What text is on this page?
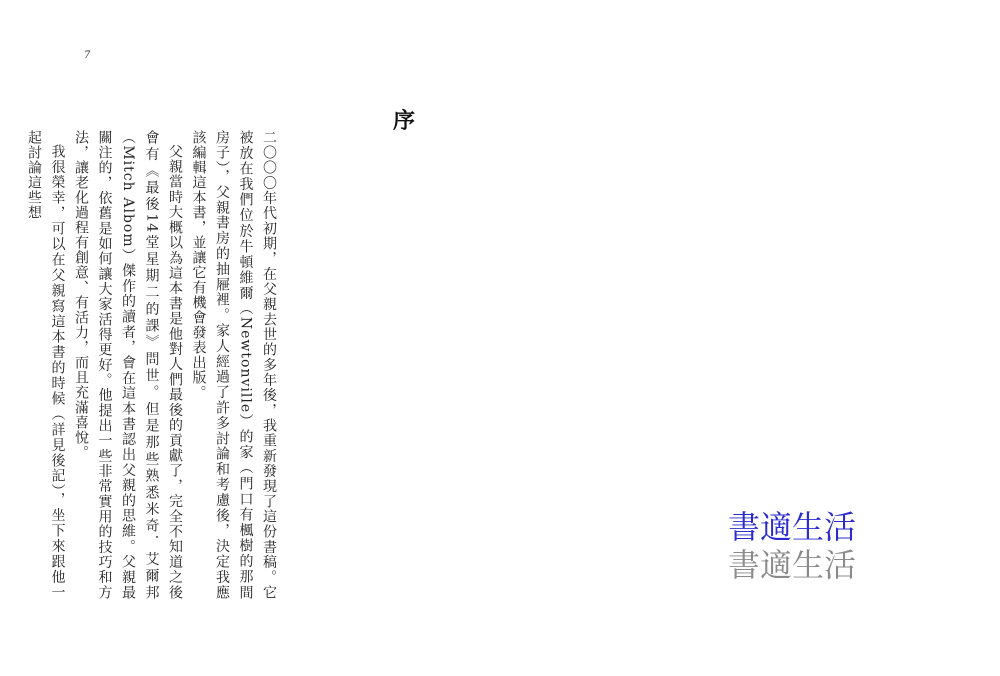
7
序

二〇〇〇年代初期，在父親去世的多年後，我重新發現了這份書稿。它被放在我們位於牛頓維爾（Newtonville）的家（門口有楓樹的那間房子），父親書房的抽屜裡。家人經過了許多討論和考慮後，決定我應該編輯這本書，並讓它有機會發表出版。

父親當時大概以為這本書是他對人們最後的貢獻了，完全不知道之後會有《最後14堂星期二的課》問世。但是那些熟悉米奇．艾爾邦（Mitch Albom）傑作的讀者，會在這本書認出父親的思維。父親最關注的，依舊是如何讓大家活得更好。他提出一些非常實用的技巧和方法，讓老化過程有創意、有活力，而且充滿喜悅。

我很榮幸，可以在父親寫這本書的時候（詳見後記），坐下來跟他一起討論這些想

書適生活
書適生活
